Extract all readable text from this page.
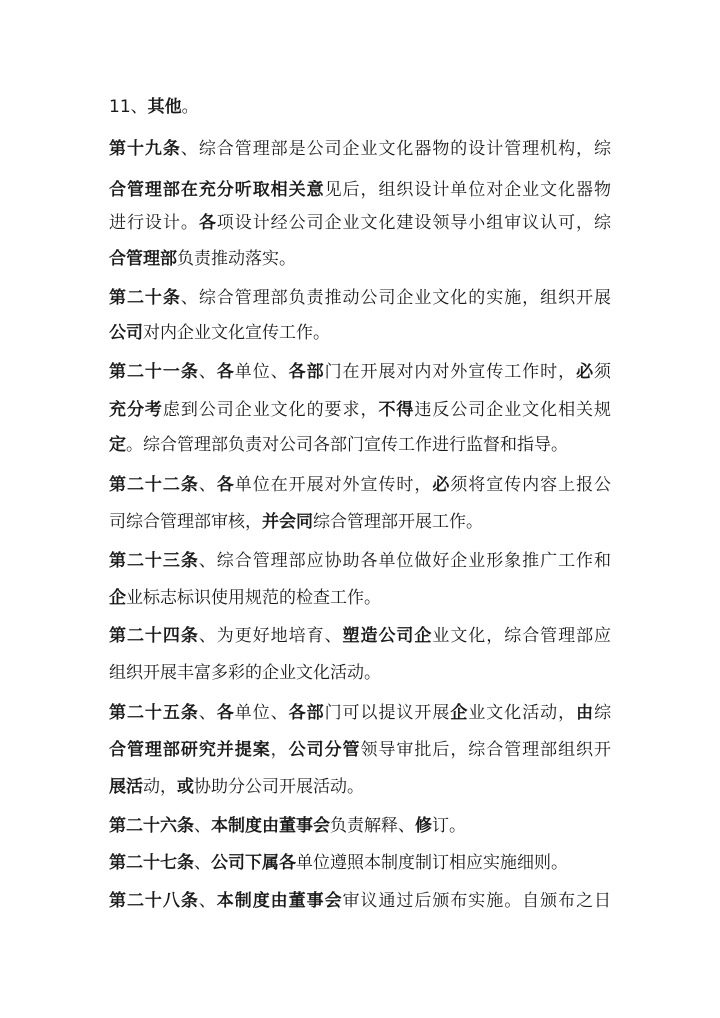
11、其他。

第十九条、综合管理部是公司企业文化器物的设计管理机构，综

合管理部在充分听取相关意见后，组织设计单位对企业文化器物

进行设计。各项设计经公司企业文化建设领导小组审议认可，综

合管理部负责推动落实。

第二十条、综合管理部负责推动公司企业文化的实施，组织开展

公司对内企业文化宣传工作。

第二十一条、各单位、各部门在开展对内对外宣传工作时，必须

充分考虑到公司企业文化的要求，不得违反公司企业文化相关规

定。综合管理部负责对公司各部门宣传工作进行监督和指导。

第二十二条、各单位在开展对外宣传时，必须将宣传内容上报公

司综合管理部审核，并会同综合管理部开展工作。

第二十三条、综合管理部应协助各单位做好企业形象推广工作和

企业标志标识使用规范的检查工作。

第二十四条、为更好地培育、塑造公司企业文化，综合管理部应

组织开展丰富多彩的企业文化活动。

第二十五条、各单位、各部门可以提议开展企业文化活动，由综

合管理部研究并提案，公司分管领导审批后，综合管理部组织开

展活动，或协助分公司开展活动。

第二十六条、本制度由董事会负责解释、修订。

第二十七条、公司下属各单位遵照本制度制订相应实施细则。

第二十八条、本制度由董事会审议通过后颁布实施。自颁布之日
